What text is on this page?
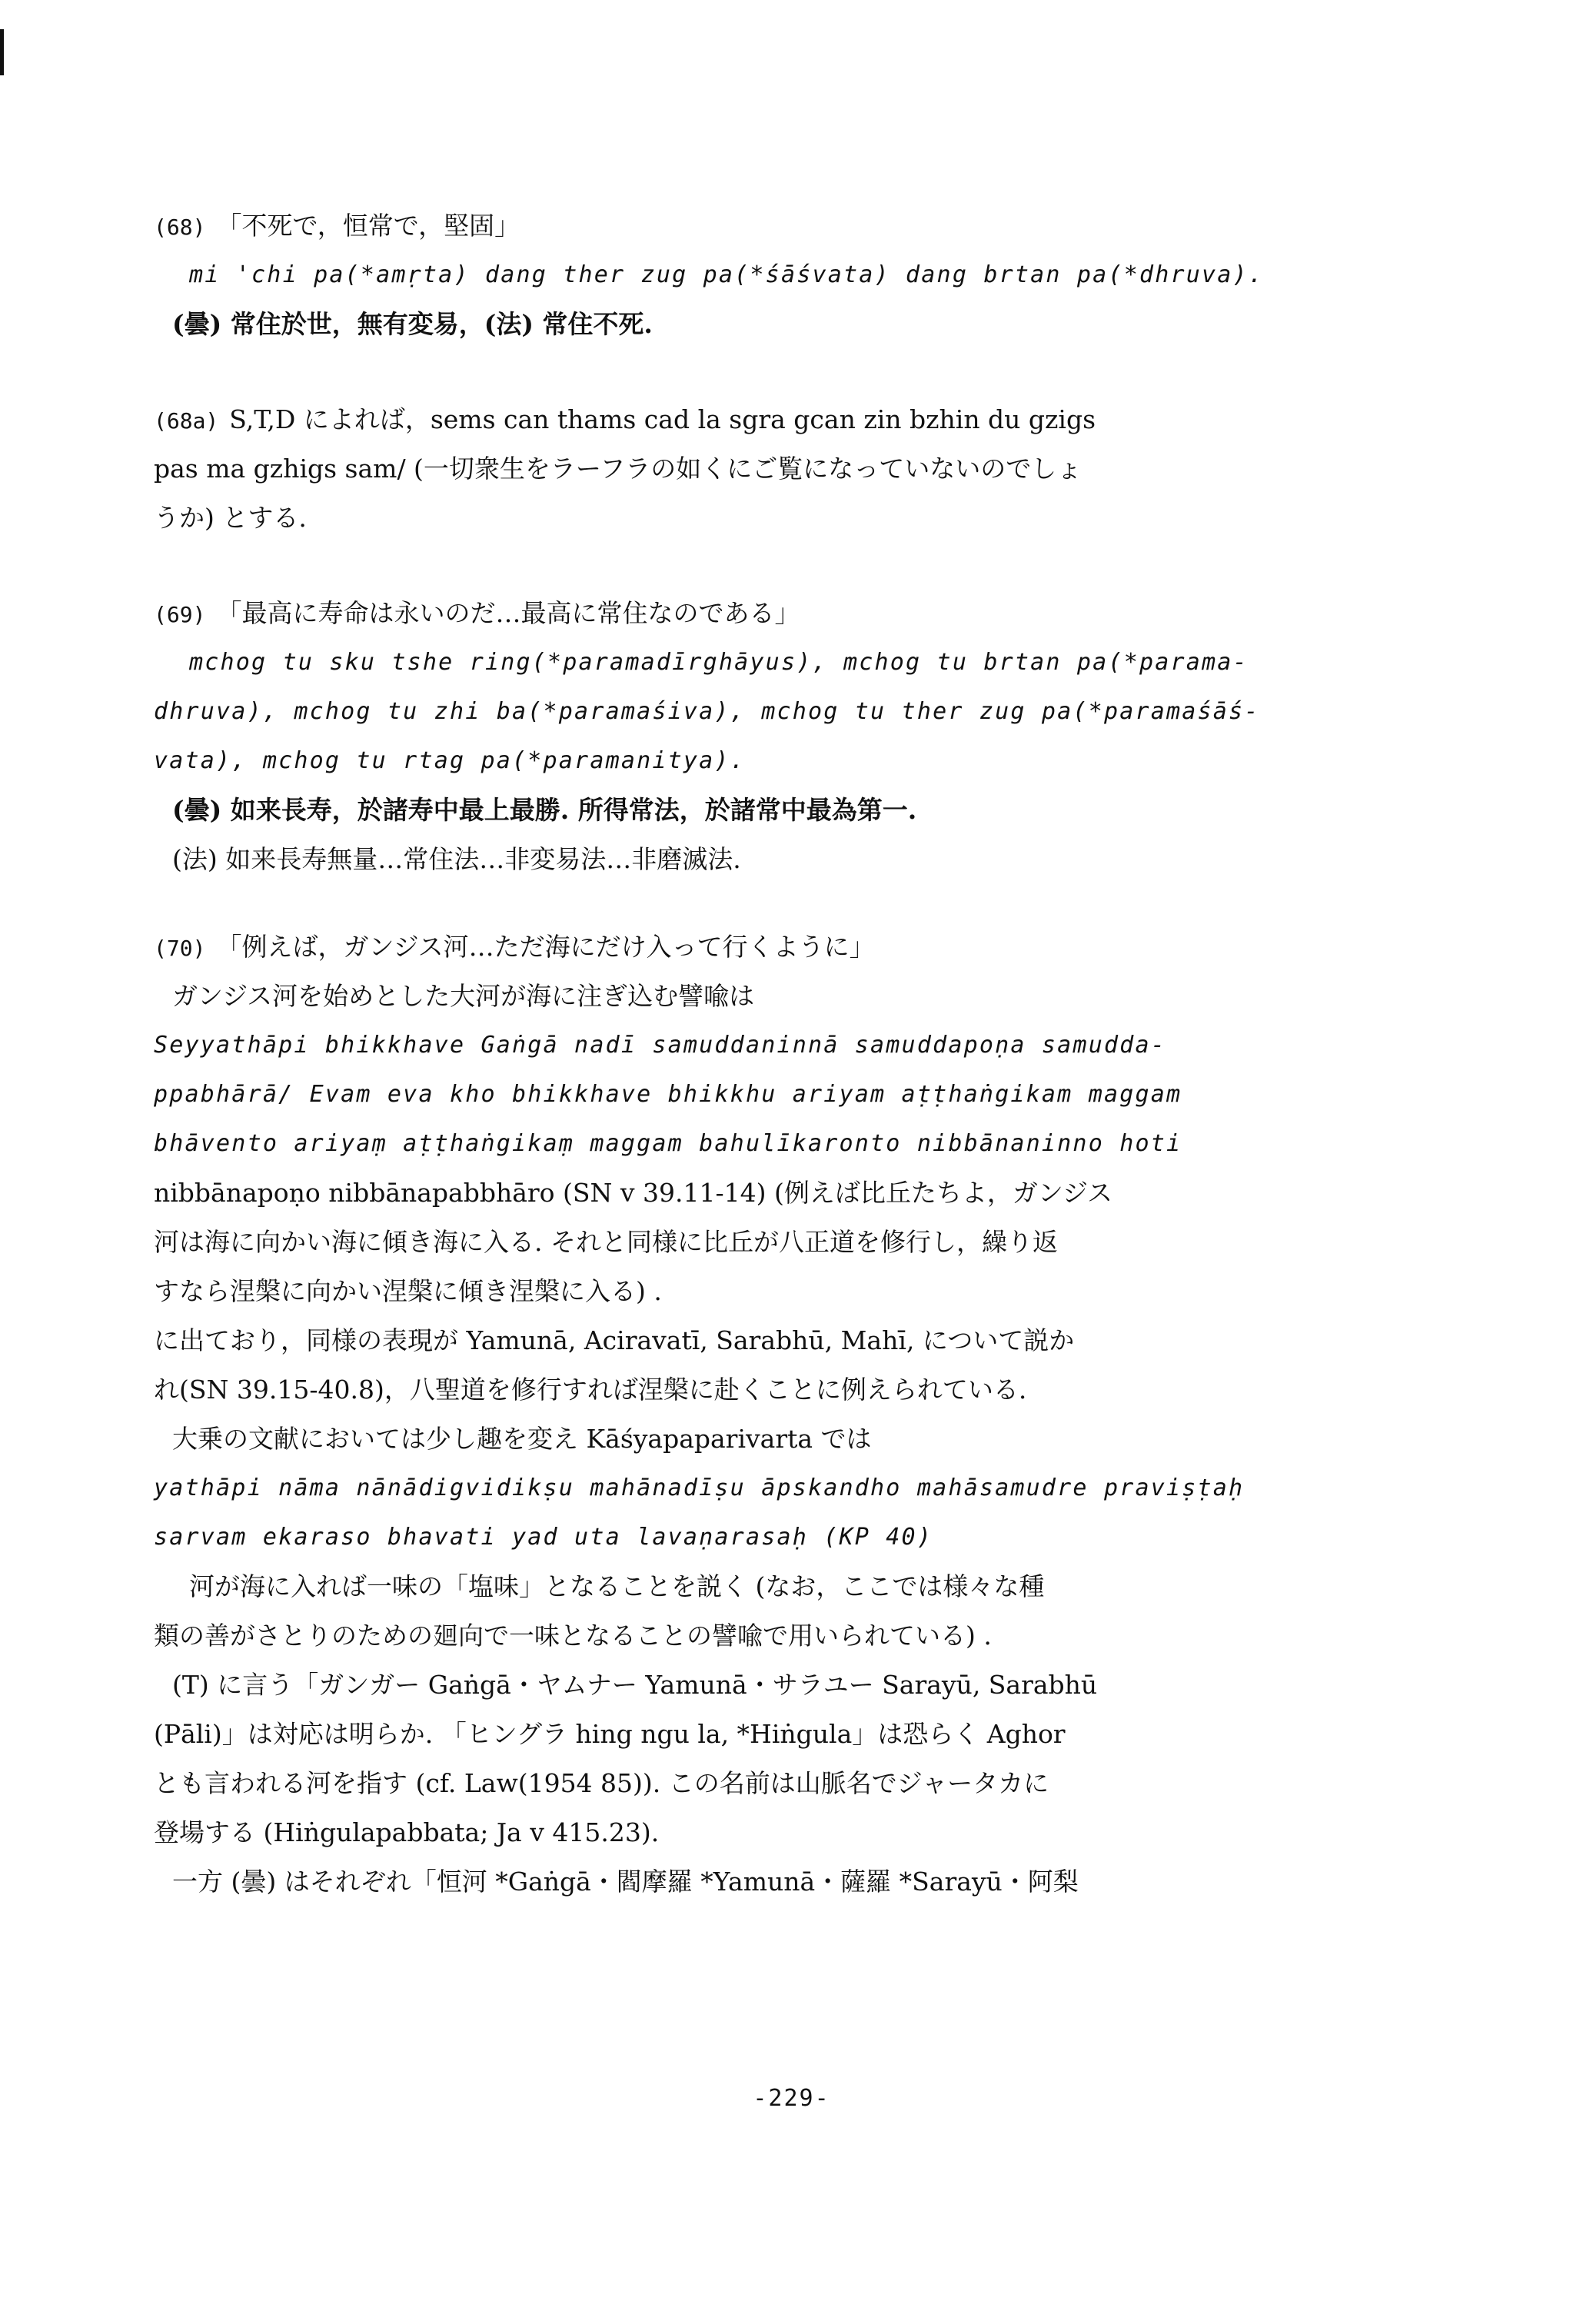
(68) 「不死で，恒常で，堅固」
mi 'chi pa(*amṛta) dang ther zug pa(*śāśvata) dang brtan pa(*dhruva).
(曇) 常住於世，無有変易，(法) 常住不死.
(68a) S,T,D によれば，sems can thams cad la sgra gcan zin bzhin du gzigs
pas ma gzhigs sam/ (一切衆生をラーフラの如くにご覧になっていないのでしょ
うか) とする.
(69) 「最高に寿命は永いのだ…最高に常住なのである」
mchog tu sku tshe ring(*paramadīrghāyus), mchog tu brtan pa(*parama-
dhruva), mchog tu zhi ba(*paramaśiva), mchog tu ther zug pa(*paramaśāś-
vata), mchog tu rtag pa(*paramanitya).
(曇) 如来長寿，於諸寿中最上最勝. 所得常法，於諸常中最為第一.
(法) 如来長寿無量…常住法…非変易法…非磨滅法.
(70) 「例えば，ガンジス河…ただ海にだけ入って行くように」
ガンジス河を始めとした大河が海に注ぎ込む譬喩は
Seyyathāpi bhikkhave Gaṅgā nadī samuddaninnā samuddapoṇa samudda-
ppabhārā/ Evam eva kho bhikkhave bhikkhu ariyam aṭṭhaṅgikam maggam
bhāvento ariyaṃ aṭṭhaṅgikaṃ maggam bahulīkaronto nibbānaninno hoti
nibbānapoṇo nibbānapabbhāro (SN v 39.11-14) (例えば比丘たちよ，ガンジス
河は海に向かい海に傾き海に入る. それと同様に比丘が八正道を修行し，繰り返
すなら涅槃に向かい涅槃に傾き涅槃に入る) .
に出ており，同様の表現が Yamunā, Aciravatī, Sarabhū, Mahī, について説か
れ(SN 39.15-40.8)，八聖道を修行すれば涅槃に赴くことに例えられている.
大乗の文献においては少し趣を変え Kāśyapaparivarta では
yathāpi nāma nānādigvidikṣu mahānadīṣu āpskandho mahāsamudre praviṣṭaḥ
sarvam ekaraso bhavati yad uta lavaṇarasaḥ (KP 40)
河が海に入れば一味の「塩味」となることを説く (なお，ここでは様々な種
類の善がさとりのための廻向で一味となることの譬喩で用いられている) .
(T) に言う「ガンガー Gaṅgā・ヤムナー Yamunā・サラユー Sarayū, Sarabhū
(Pāli)」は対応は明らか. 「ヒングラ hing ngu la, *Hiṅgula」は恐らく Aghor
とも言われる河を指す (cf. Law(1954 85)). この名前は山脈名でジャータカに
登場する (Hiṅgulapabbata; Ja v 415.23).
一方 (曇) はそれぞれ「恒河 *Gaṅgā・閻摩羅 *Yamunā・薩羅 *Sarayū・阿梨
-229-
